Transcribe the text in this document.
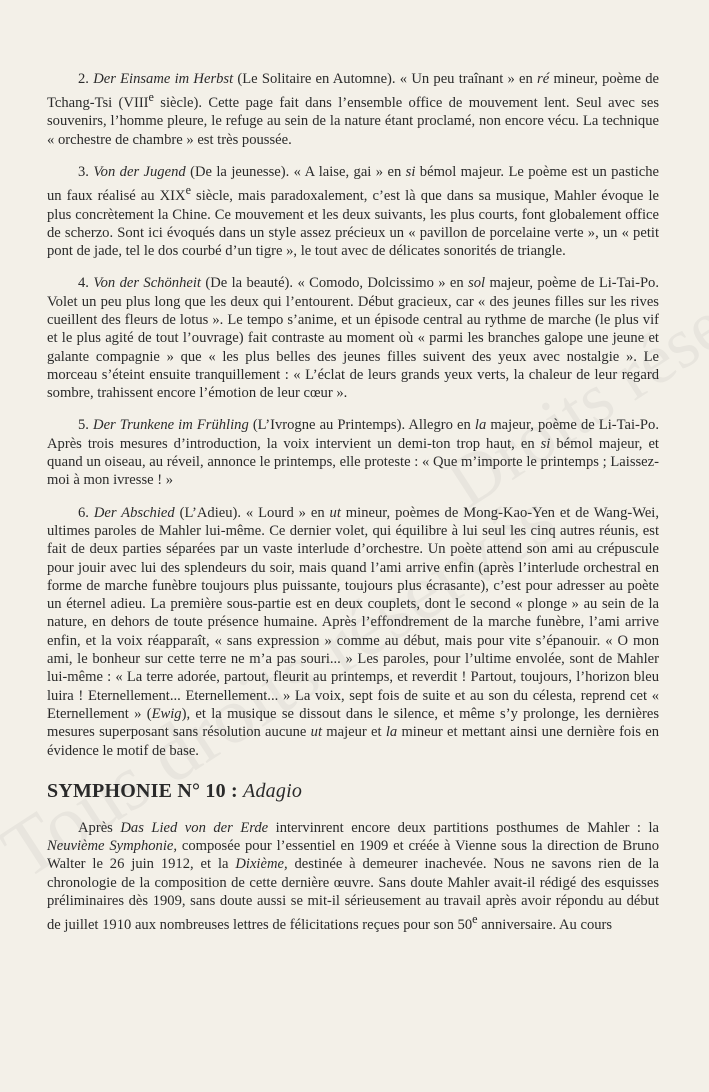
2. Der Einsame im Herbst (Le Solitaire en Automne). « Un peu traînant » en ré mineur, poème de Tchang-Tsi (VIIIe siècle). Cette page fait dans l’ensemble office de mouvement lent. Seul avec ses souvenirs, l’homme pleure, le refuge au sein de la nature étant proclamé, non encore vécu. La technique « orchestre de chambre » est très poussée.

3. Von der Jugend (De la jeunesse). « A laise, gai » en si bémol majeur. Le poème est un pastiche un faux réalisé au XIXe siècle, mais paradoxalement, c’est là que dans sa musique, Mahler évoque le plus concrètement la Chine. Ce mouvement et les deux suivants, les plus courts, font globalement office de scherzo. Sont ici évoqués dans un style assez précieux un « pavillon de porcelaine verte », un « petit pont de jade, tel le dos courbé d’un tigre », le tout avec de délicates sonorités de triangle.

4. Von der Schönheit (De la beauté). « Comodo, Dolcissimo » en sol majeur, poème de Li-Tai-Po. Volet un peu plus long que les deux qui l’entourent. Début gracieux, car « des jeunes filles sur les rives cueillent des fleurs de lotus ». Le tempo s’anime, et un épisode central au rythme de marche (le plus vif et le plus agité de tout l’ouvrage) fait contraste au moment où « parmi les branches galope une jeune et galante compagnie » que « les plus belles des jeunes filles suivent des yeux avec nostalgie ». Le morceau s’éteint ensuite tranquillement : « L’éclat de leurs grands yeux verts, la chaleur de leur regard sombre, trahissent encore l’émotion de leur cœur ».

5. Der Trunkene im Frühling (L’Ivrogne au Printemps). Allegro en la majeur, poème de Li-Tai-Po. Après trois mesures d’introduction, la voix intervient un demi-ton trop haut, en si bémol majeur, et quand un oiseau, au réveil, annonce le printemps, elle proteste : « Que m’importe le printemps ; Laissez-moi à mon ivresse ! »

6. Der Abschied (L’Adieu). « Lourd » en ut mineur, poèmes de Mong-Kao-Yen et de Wang-Wei, ultimes paroles de Mahler lui-même. Ce dernier volet, qui équilibre à lui seul les cinq autres réunis, est fait de deux parties séparées par un vaste interlude d’orchestre. Un poète attend son ami au crépuscule pour jouir avec lui des splendeurs du soir, mais quand l’ami arrive enfin (après l’interlude orchestral en forme de marche funèbre toujours plus puissante, toujours plus écrasante), c’est pour adresser au poète un éternel adieu. La première sous-partie est en deux couplets, dont le second « plonge » au sein de la nature, en dehors de toute présence humaine. Après l’effondrement de la marche funèbre, l’ami arrive enfin, et la voix réapparaît, « sans expression » comme au début, mais pour vite s’épanouir. « O mon ami, le bonheur sur cette terre ne m’a pas souri... » Les paroles, pour l’ultime envolée, sont de Mahler lui-même : « La terre adorée, partout, fleurit au printemps, et reverdit ! Partout, toujours, l’horizon bleu luira ! Eternellement... Eternellement... » La voix, sept fois de suite et au son du célesta, reprend cet « Eternellement » (Ewig), et la musique se dissout dans le silence, et même s’y prolonge, les dernières mesures superposant sans résolution aucune ut majeur et la mineur et mettant ainsi une dernière fois en évidence le motif de base.

SYMPHONIE N° 10 : Adagio

Après Das Lied von der Erde intervinrent encore deux partitions posthumes de Mahler : la Neuvième Symphonie, composée pour l’essentiel en 1909 et créée à Vienne sous la direction de Bruno Walter le 26 juin 1912, et la Dixième, destinée à demeurer inachevée. Nous ne savons rien de la chronologie de la composition de cette dernière œuvre. Sans doute Mahler avait-il rédigé des esquisses préliminaires dès 1909, sans doute aussi se mit-il sérieusement au travail après avoir répondu au début de juillet 1910 aux nombreuses lettres de félicitations reçues pour son 50e anniversaire. Au cours
